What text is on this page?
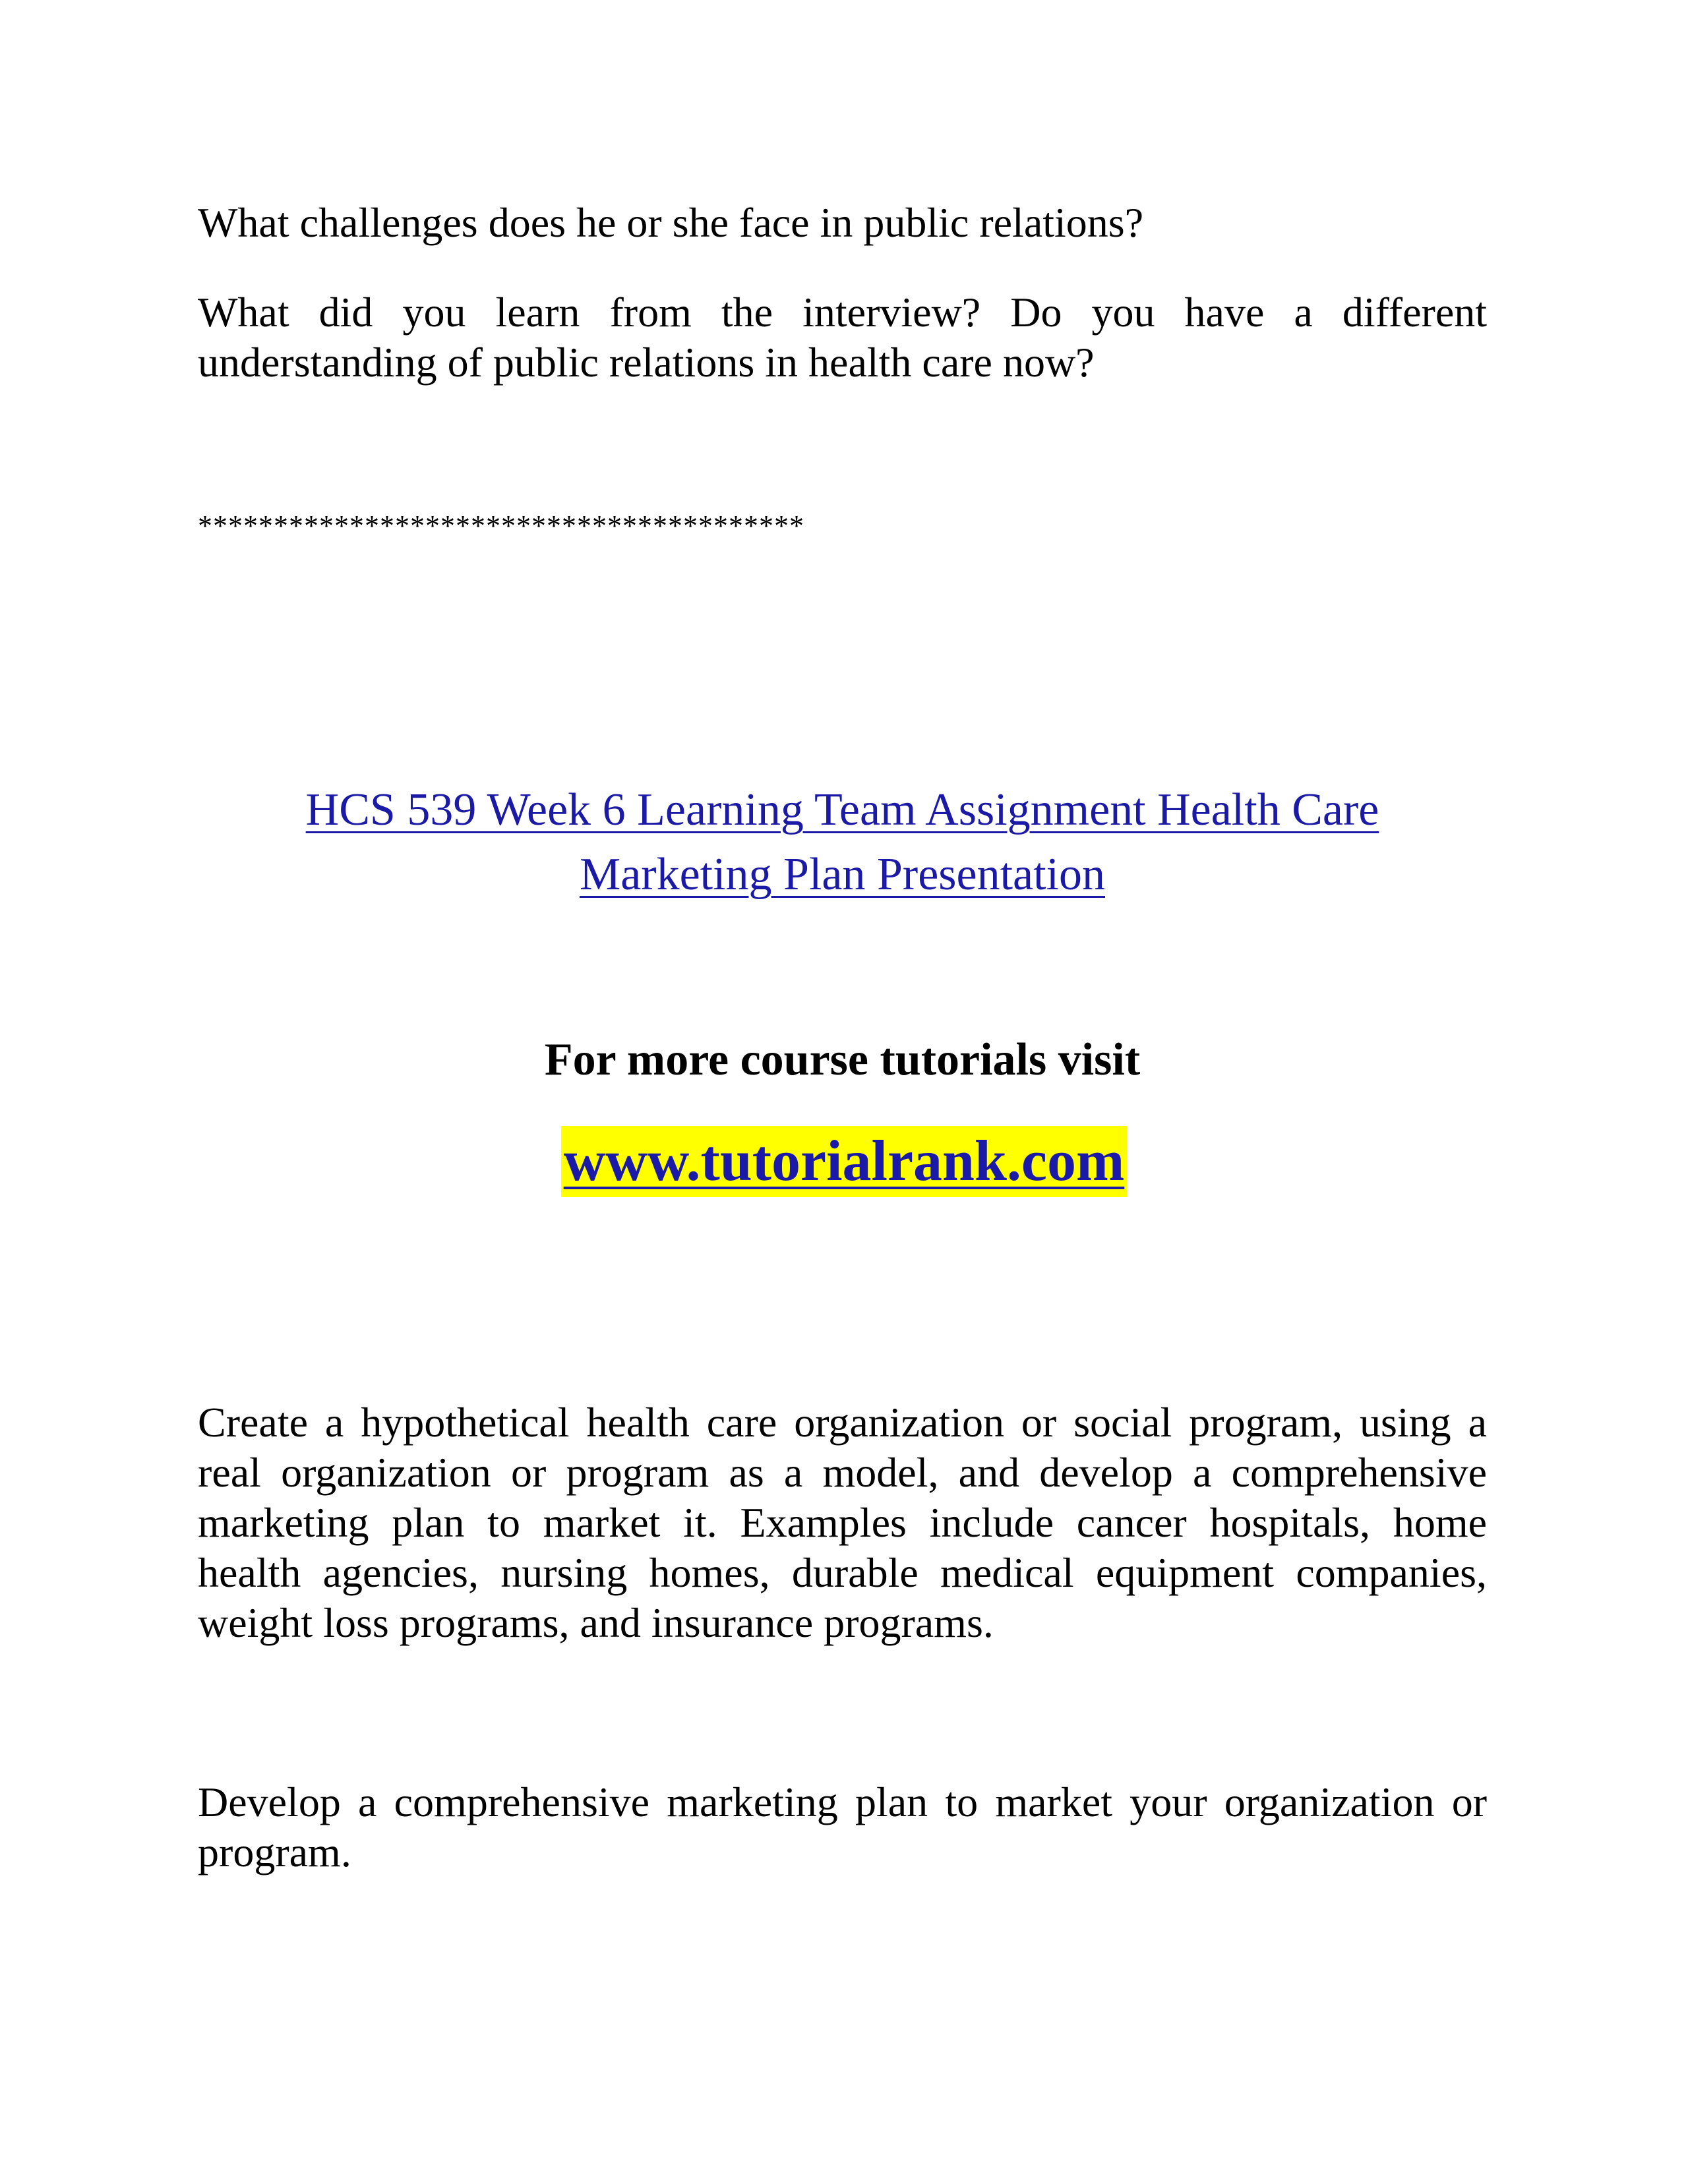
What challenges does he or she face in public relations?

What did you learn from the interview? Do you have a different understanding of public relations in health care now?

****************************************

HCS 539 Week 6 Learning Team Assignment Health Care
Marketing Plan Presentation

For more course tutorials visit

www.tutorialrank.com

Create a hypothetical health care organization or social program, using a real organization or program as a model, and develop a comprehensive marketing plan to market it. Examples include cancer hospitals, home health agencies, nursing homes, durable medical equipment companies, weight loss programs, and insurance programs.

Develop a comprehensive marketing plan to market your organization or program.
